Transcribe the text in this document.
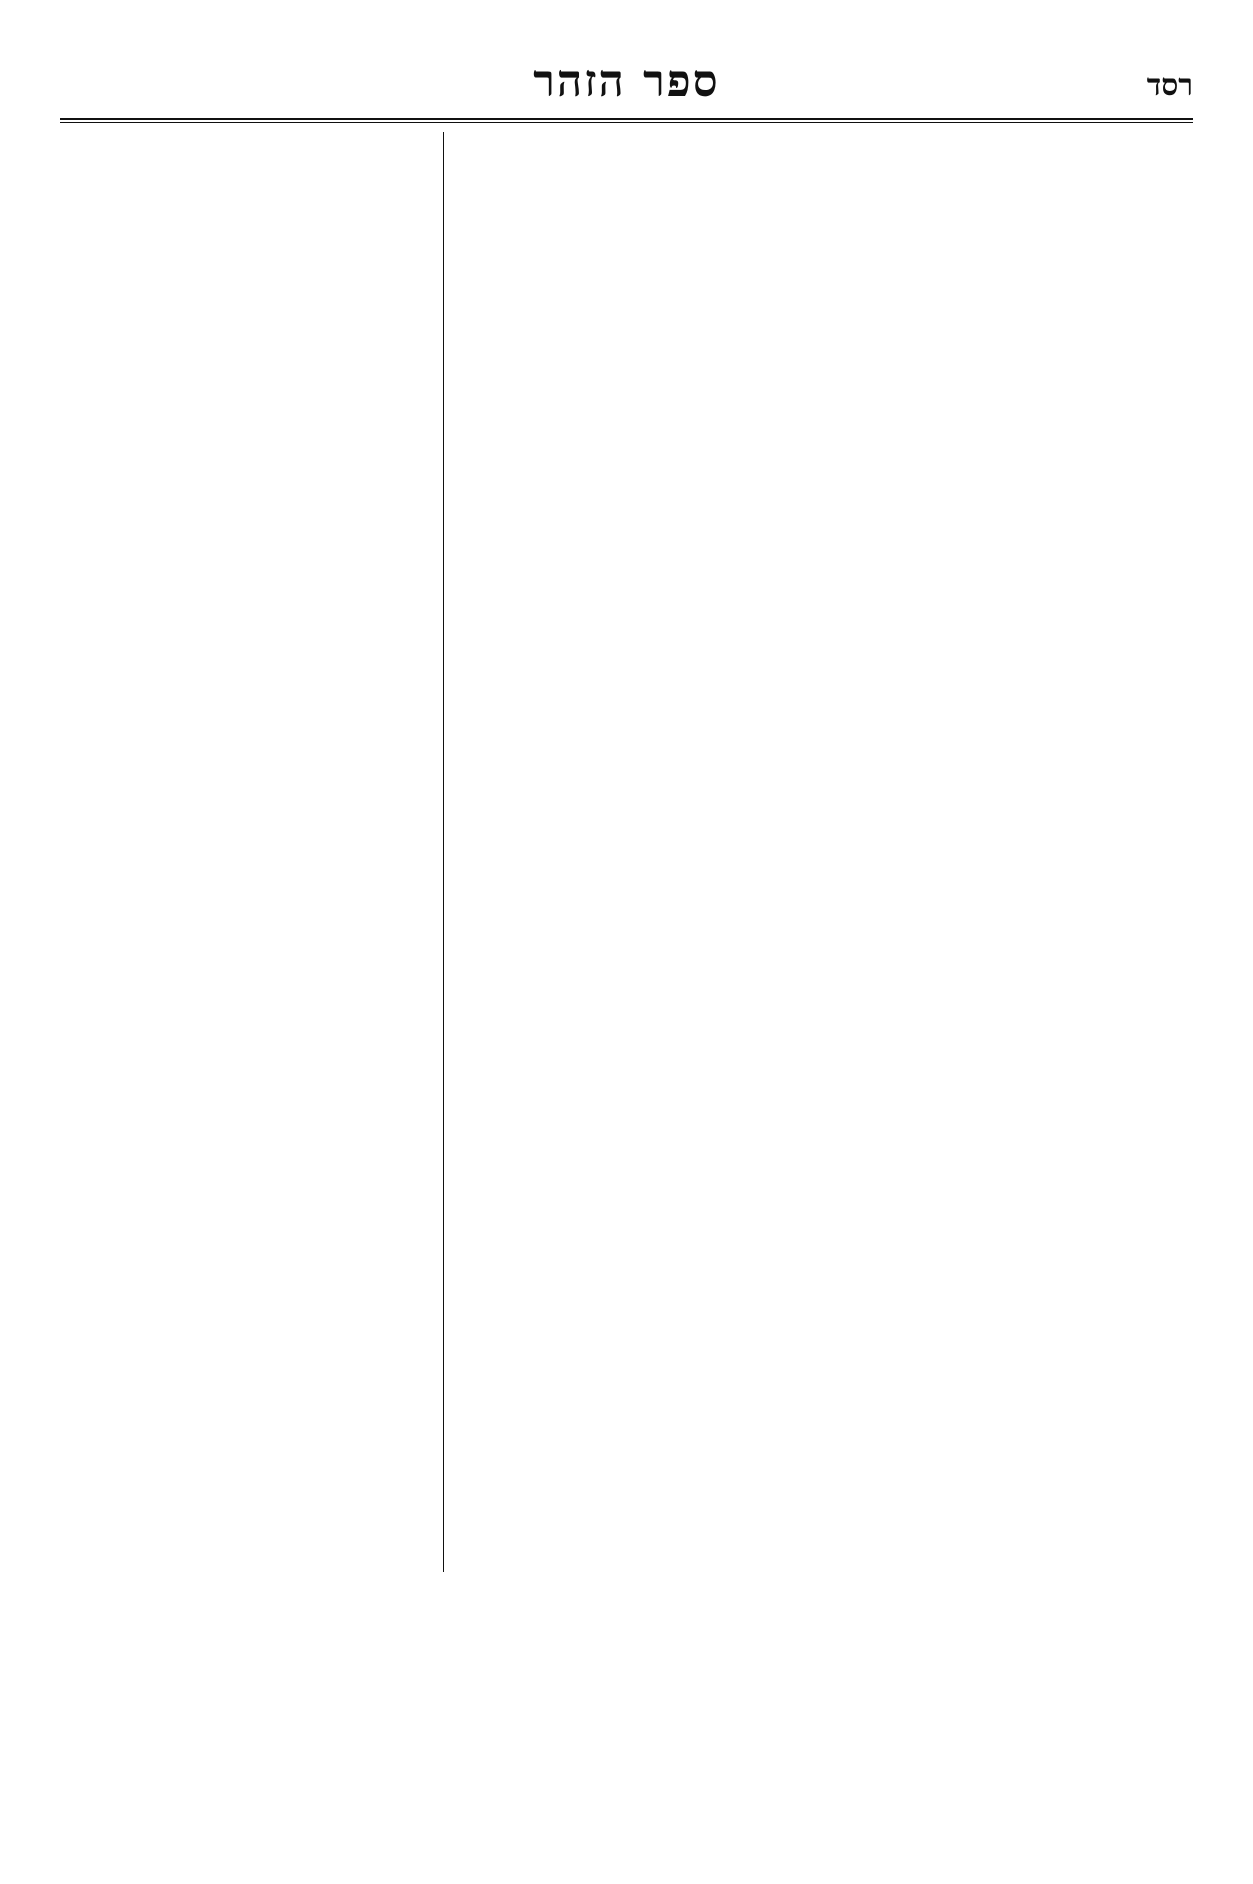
רסד
ספר הזהר
